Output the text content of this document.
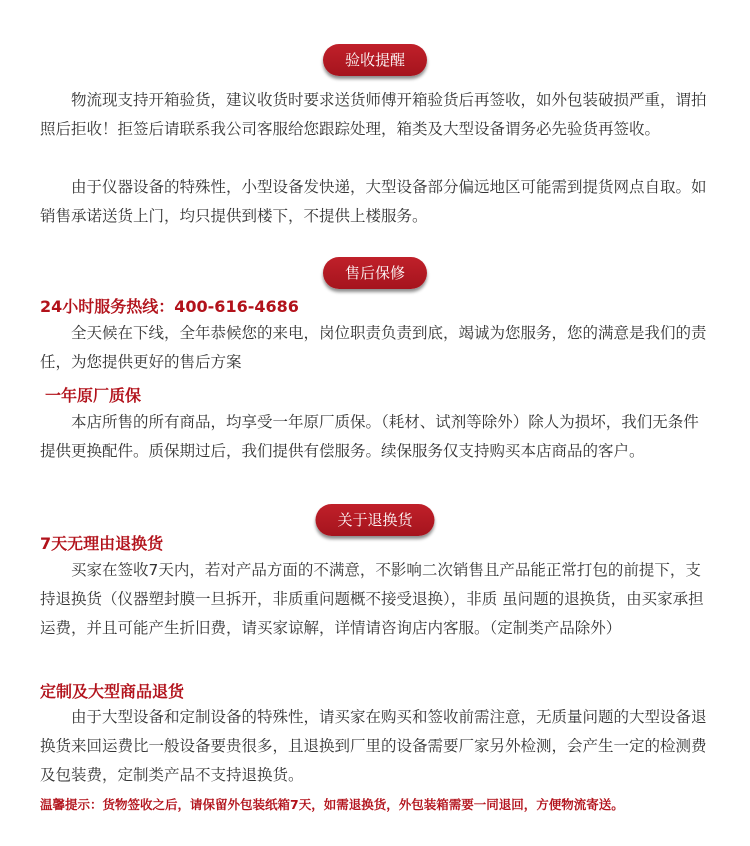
验收提醒

物流现支持开箱验货，建议收货时要求送货师傅开箱验货后再签收，如外包装破损严重，谓拍照后拒收！拒签后请联系我公司客服给您跟踪处理，箱类及大型设备谓务必先验货再签收。

由于仪器设备的特殊性，小型设备发快递，大型设备部分偏远地区可能需到提货网点自取。如销售承诺送货上门，均只提供到楼下，不提供上楼服务。

售后保修

24小时服务热线：400-616-4686

全天候在下线，全年恭候您的来电，岗位职责负责到底，竭诚为您服务，您的满意是我们的责任，为您提供更好的售后方案

一年原厂质保

本店所售的所有商品，均享受一年原厂质保。（耗材、试剂等除外）除人为损坏，我们无条件提供更换配件。质保期过后，我们提供有偿服务。续保服务仅支持购买本店商品的客户。

关于退换货

7天无理由退换货

买家在签收7天内，若对产品方面的不满意，不影响二次销售且产品能正常打包的前提下，支持退换货（仪器塑封膜一旦拆开，非质重问题概不接受退换），非质 虽问题的退换货，由买家承担运费，并且可能产生折旧费，请买家谅解，详情请咨询店内客服。（定制类产品除外）

定制及大型商品退货

由于大型设备和定制设备的特殊性，请买家在购买和签收前需注意，无质量问题的大型设备退换货来回运费比一般设备要贵很多，且退换到厂里的设备需要厂家另外检测，会产生一定的检测费及包装费，定制类产品不支持退换货。

温馨提示：货物签收之后，请保留外包装纸箱7天，如需退换货，外包装箱需要一同退回，方便物流寄送。
